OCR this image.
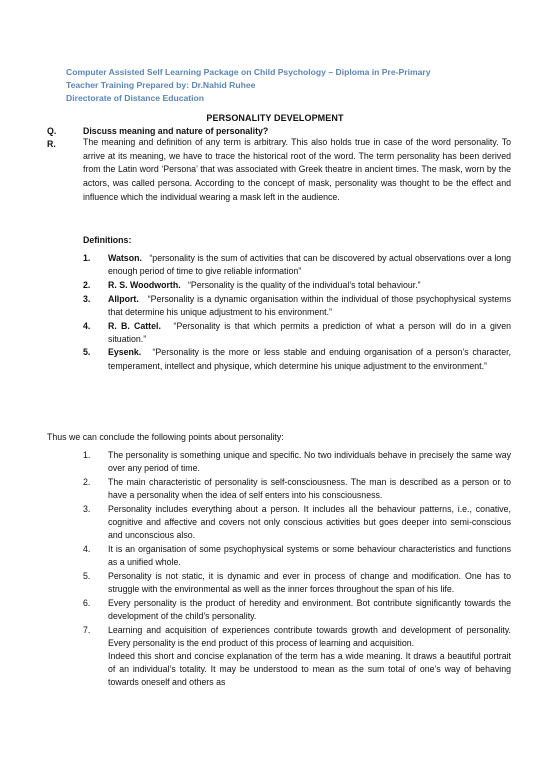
Computer Assisted Self Learning Package on Child Psychology – Diploma in Pre-Primary
Teacher Training Prepared by: Dr.Nahid Ruhee
Directorate of Distance Education
PERSONALITY DEVELOPMENT
Q.	Discuss meaning and nature of personality?
R.	The meaning and definition of any term is arbitrary. This also holds true in case of the word personality. To arrive at its meaning, we have to trace the historical root of the word. The term personality has been derived from the Latin word ‘Persona’ that was associated with Greek theatre in ancient times. The mask, worn by the actors, was called persona. According to the concept of mask, personality was thought to be the effect and influence which the individual wearing a mask left in the audience.

Definitions:
1. Watson. “personality is the sum of activities that can be discovered by actual observations over a long enough period of time to give reliable information”
2. R. S. Woodworth. “Personality is the quality of the individual’s total behaviour.”
3. Allport. “Personality is a dynamic organisation within the individual of those psychophysical systems that determine his unique adjustment to his environment.”
4. R. B. Cattel. “Personality is that which permits a prediction of what a person will do in a given situation.”
5. Eysenk. “Personality is the more or less stable and enduing organisation of a person’s character, temperament, intellect and physique, which determine his unique adjustment to the environment.”
Thus we can conclude the following points about personality:
1. The personality is something unique and specific. No two individuals behave in precisely the same way over any period of time.
2. The main characteristic of personality is self-consciousness. The man is described as a person or to have a personality when the idea of self enters into his consciousness.
3. Personality includes everything about a person. It includes all the behaviour patterns, i.e., conative, cognitive and affective and covers not only conscious activities but goes deeper into semi-conscious and unconscious also.
4. It is an organisation of some psychophysical systems or some behaviour characteristics and functions as a unified whole.
5. Personality is not static, it is dynamic and ever in process of change and modification. One has to struggle with the environmental as well as the inner forces throughout the span of his life.
6. Every personality is the product of heredity and environment. Bot contribute significantly towards the development of the child’s personality.
7. Learning and acquisition of experiences contribute towards growth and development of personality. Every personality is the end product of this process of learning and acquisition.
Indeed this short and concise explanation of the term has a wide meaning. It draws a beautiful portrait of an individual’s totality. It may be understood to mean as the sum total of one’s way of behaving towards oneself and others as
